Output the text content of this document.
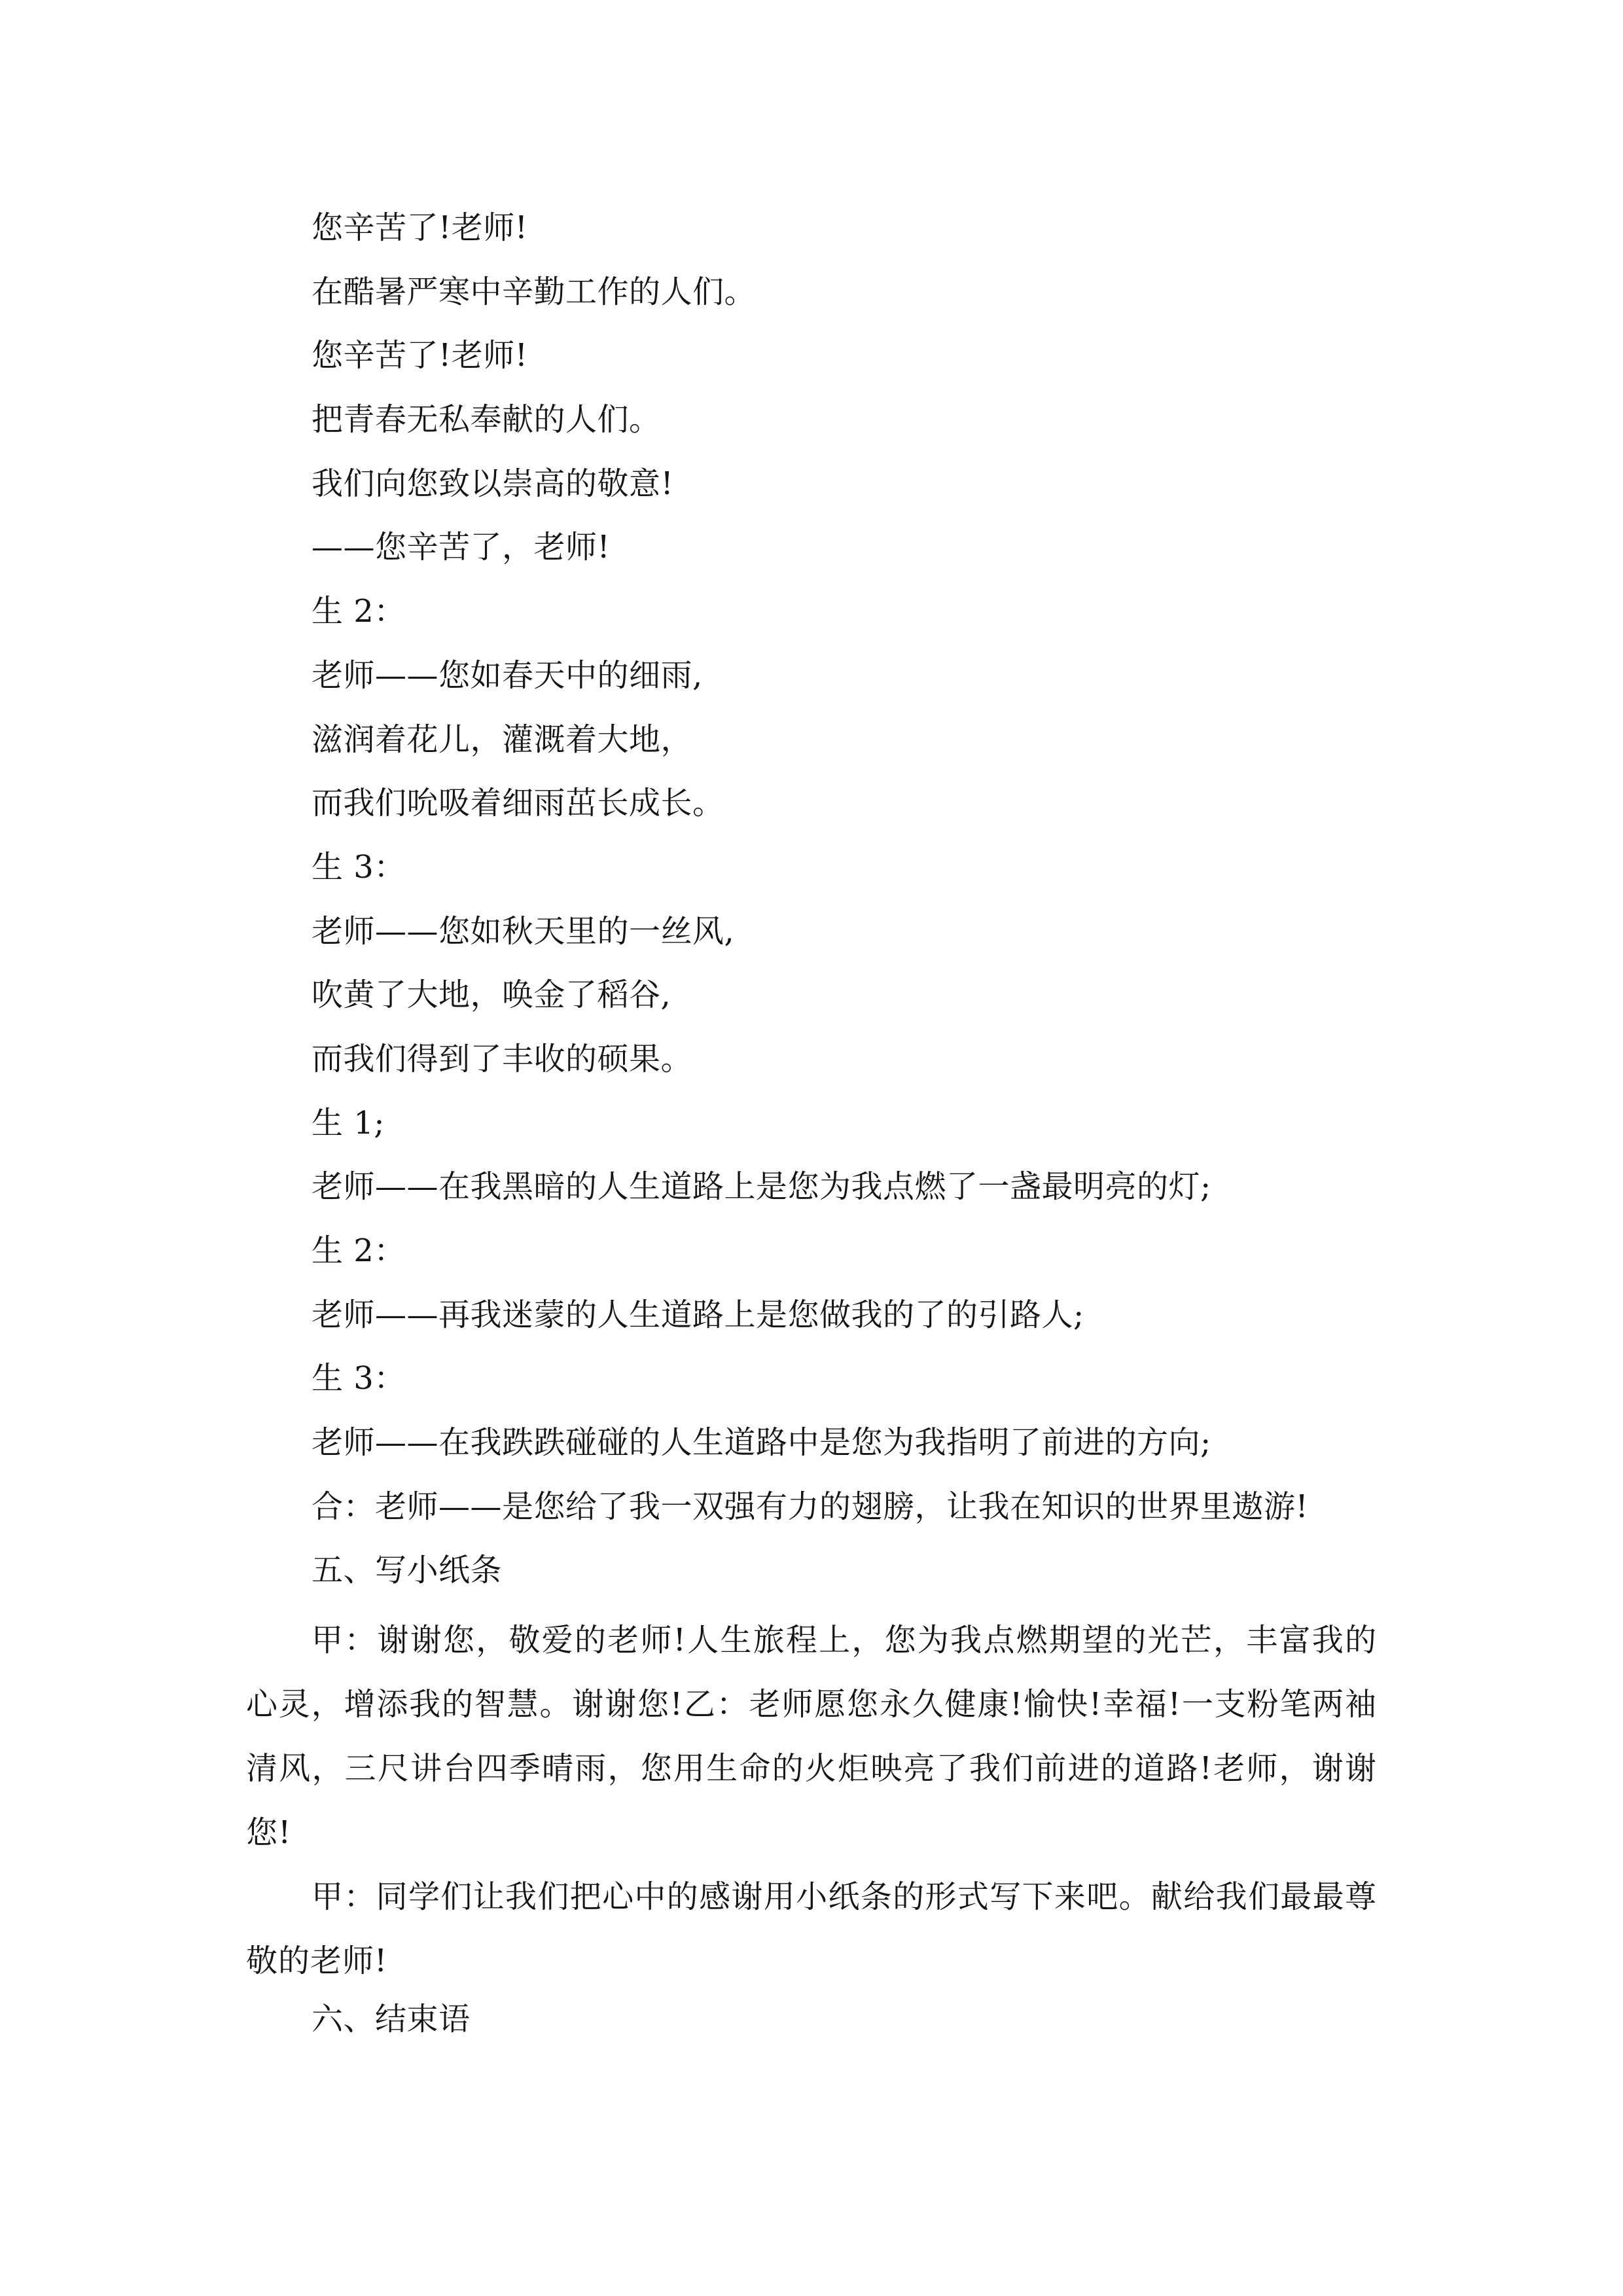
您辛苦了!老师!
在酷暑严寒中辛勤工作的人们。
您辛苦了!老师!
把青春无私奉献的人们。
我们向您致以崇高的敬意!
——您辛苦了，老师!
生 2：
老师——您如春天中的细雨,
滋润着花儿，灌溉着大地，
而我们吮吸着细雨茁长成长。
生 3：
老师——您如秋天里的一丝风,
吹黄了大地，唤金了稻谷,
而我们得到了丰收的硕果。
生 1;
老师——在我黑暗的人生道路上是您为我点燃了一盏最明亮的灯;
生 2：
老师——再我迷蒙的人生道路上是您做我的了的引路人;
生 3：
老师——在我跌跌碰碰的人生道路中是您为我指明了前进的方向;
合：老师——是您给了我一双强有力的翅膀，让我在知识的世界里遨游!
五、写小纸条
甲：谢谢您，敬爱的老师!人生旅程上，您为我点燃期望的光芒，丰富我的心灵，增添我的智慧。谢谢您!乙：老师愿您永久健康!愉快!幸福!一支粉笔两袖清风，三尺讲台四季晴雨，您用生命的火炬映亮了我们前进的道路!老师，谢谢您!
甲：同学们让我们把心中的感谢用小纸条的形式写下来吧。献给我们最最尊敬的老师!
六、结束语
